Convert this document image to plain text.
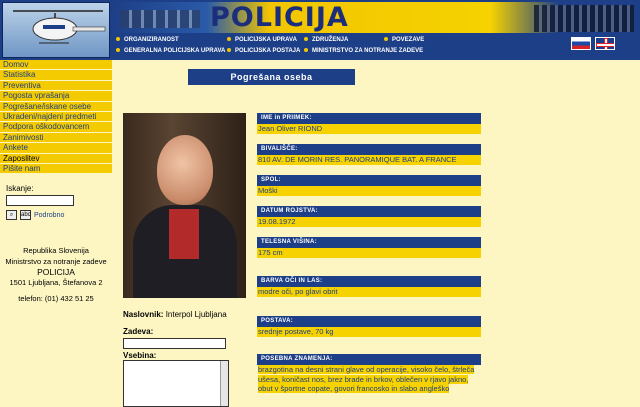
POLICIJA
ORGANIZIRANOST	POLICIJSKA UPRAVA	ZDRUŽENJA	POVEZAVE
GENERALNA POLICIJSKA UPRAVA	POLICIJSKA POSTAJA	MINISTRSTVO ZA NOTRANJE ZADEVE
Domov
Statistika
Preventiva
Pogosta vprašanja
Pogrešane/iskane osebe
Ukradeni/najdeni predmeti
Podpora oškodovancem
Zanimivosti
Ankete
Zaposlitev
Pišite nam
Iskanje:
⌕	abc Podrobno
Republika Slovenija
Ministrstvo za notranje zadeve
POLICIJA
1501 Ljubljana, Štefanova 2
telefon: (01) 432 51 25
Pogrešana oseba
Naslovnik: Interpol Ljubljana
Zadeva:
Vsebina:
IME in PRIIMEK:
Jean Oliver RIOND
BIVALIŠČE:
810 AV. DE MORIN RES. PANORAMIQUE BAT. A FRANCE
SPOL:
Moški
DATUM ROJSTVA:
19.08.1972
TELESNA VIŠINA:
175 cm
BARVA OČI IN LAS:
modre oči, po glavi obrit
POSTAVA:
srednje postave, 70 kg
POSEBNA ZNAMENJA:
brazgotina na desni strani glave od operacije, visoko čelo, štrleča ušesa, koničast nos, brez brade in brkov, oblečen v rjavo jakno, obut v športne copate, govori francosko in slabo angleško
